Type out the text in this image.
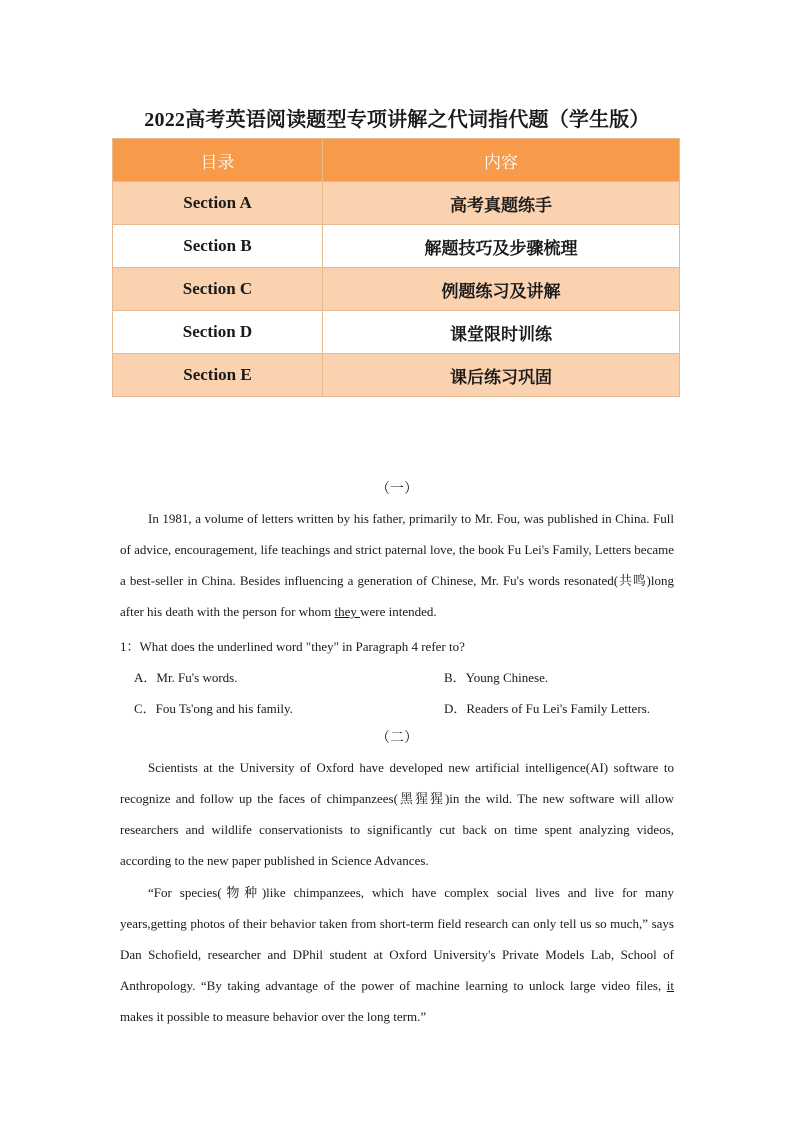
2022高考英语阅读题型专项讲解之代词指代题（学生版）
目录	内容
Section A	高考真题练手
Section B	解题技巧及步骤梳理
Section C	例题练习及讲解
Section D	课堂限时训练
Section E	课后练习巩固
（一）
In 1981, a volume of letters written by his father, primarily to Mr. Fou, was published in China. Full of advice, encouragement, life teachings and strict paternal love, the book Fu Lei's Family, Letters became a best-seller in China. Besides influencing a generation of Chinese, Mr. Fu's words resonated(共鸣)long after his death with the person for whom they were intended.
1：What does the underlined word "they" in Paragraph 4 refer to?
A．Mr. Fu's words.	B．Young Chinese.
C．Fou Ts'ong and his family.	D．Readers of Fu Lei's Family Letters.
（二）
Scientists at the University of Oxford have developed new artificial intelligence(AI) software to recognize and follow up the faces of chimpanzees(黑猩猩)in the wild. The new software will allow researchers and wildlife conservationists to significantly cut back on time spent analyzing videos, according to the new paper published in Science Advances.
“For species(物种)like chimpanzees, which have complex social lives and live for many years,getting photos of their behavior taken from short-term field research can only tell us so much,” says Dan Schofield, researcher and DPhil student at Oxford University's Private Models Lab, School of Anthropology. “By taking advantage of the power of machine learning to unlock large video files, it makes it possible to measure behavior over the long term.”
